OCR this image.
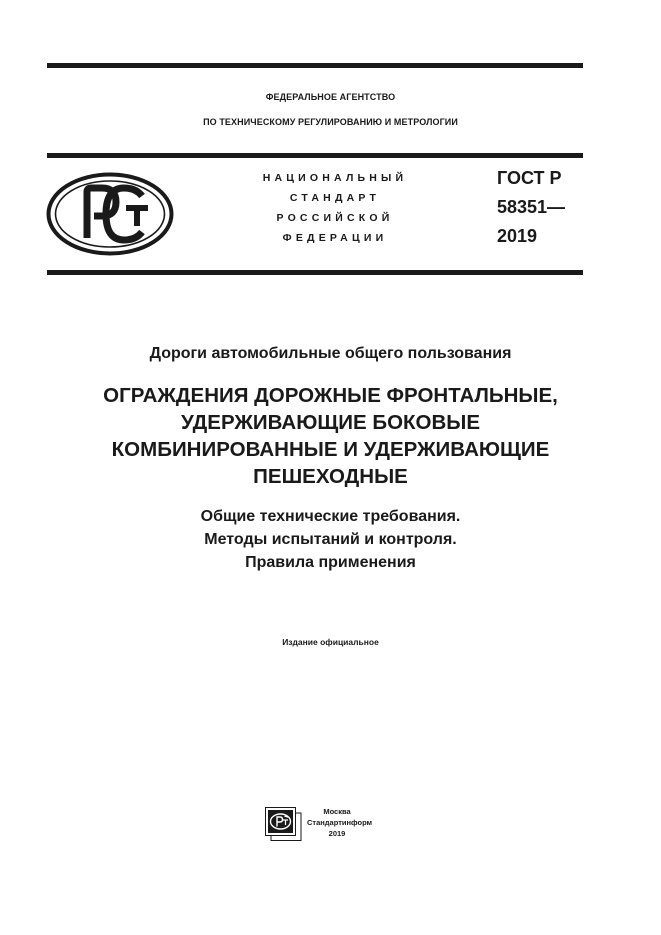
ФЕДЕРАЛЬНОЕ АГЕНТСТВО
ПО ТЕХНИЧЕСКОМУ РЕГУЛИРОВАНИЮ И МЕТРОЛОГИИ
НАЦИОНАЛЬНЫЙ
СТАНДАРТ
РОССИЙСКОЙ
ФЕДЕРАЦИИ
ГОСТ Р
58351—
2019
Дороги автомобильные общего пользования
ОГРАЖДЕНИЯ ДОРОЖНЫЕ ФРОНТАЛЬНЫЕ,
УДЕРЖИВАЮЩИЕ БОКОВЫЕ
КОМБИНИРОВАННЫЕ И УДЕРЖИВАЮЩИЕ
ПЕШЕХОДНЫЕ
Общие технические требования.
Методы испытаний и контроля.
Правила применения
Издание официальное
Москва
Стандартинформ
2019
